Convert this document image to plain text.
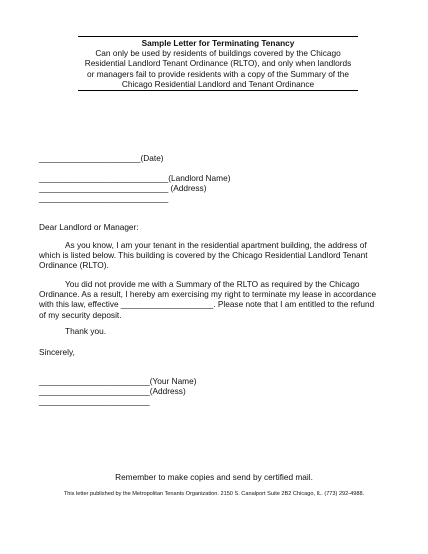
Sample Letter for Terminating Tenancy
Can only be used by residents of buildings covered by the Chicago
Residential Landlord Tenant Ordinance (RLTO), and only when landlords
or managers fail to provide residents with a copy of the Summary of the
Chicago Residential Landlord and Tenant Ordinance
______________________(Date)
____________________________(Landlord Name)
____________________________ (Address)
____________________________
Dear Landlord or Manager:
As you know, I am your tenant in the residential apartment building, the address of
which is listed below. This building is covered by the Chicago Residential Landlord Tenant
Ordinance (RLTO).
You did not provide me with a Summary of the RLTO as required by the Chicago
Ordinance. As a result, I hereby am exercising my right to terminate my lease in accordance
with this law, effective ____________________. Please note that I am entitled to the refund
of my security deposit.
Thank you.
Sincerely,
________________________(Your Name)
________________________(Address)
________________________
Remember to make copies and send by certified mail.
This letter published by the Metropolitan Tenants Organization. 2150 S. Canalport Suite 2B2 Chicago, IL. (773) 292-4988.
